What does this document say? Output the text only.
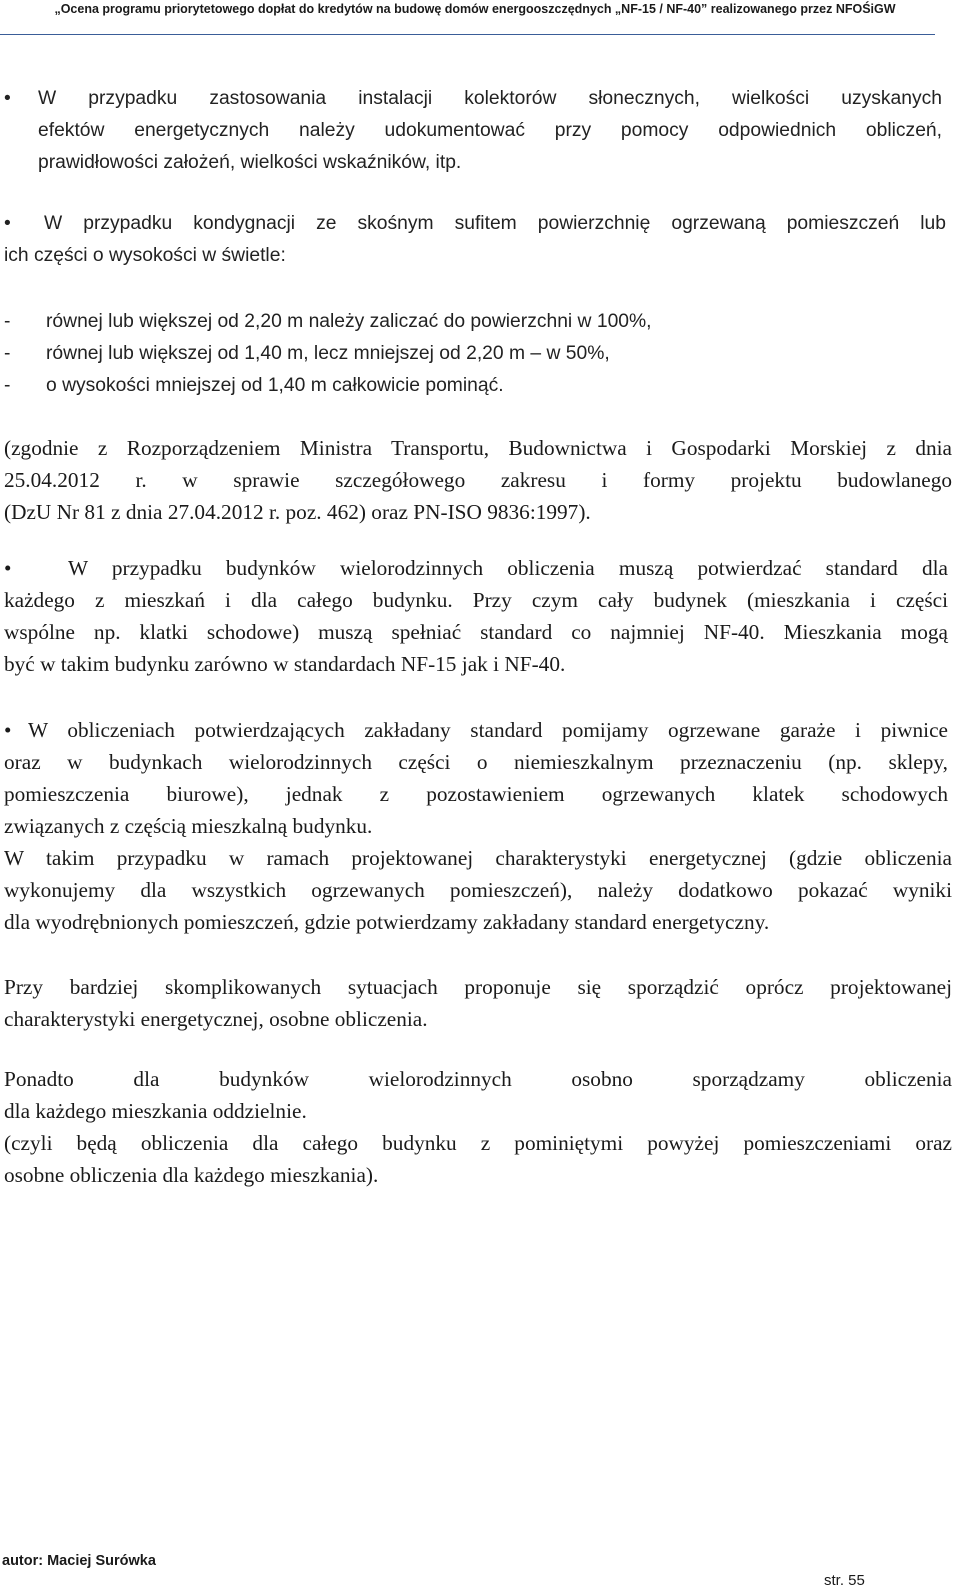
„Ocena programu priorytetowego dopłat do kredytów na budowę domów energooszczędnych „NF-15 / NF-40” realizowanego przez NFOŚiGW
• W przypadku zastosowania instalacji kolektorów słonecznych, wielkości uzyskanych
efektów energetycznych należy udokumentować przy pomocy odpowiednich obliczeń,
prawidłowości założeń, wielkości wskaźników, itp.
• W przypadku kondygnacji ze skośnym sufitem powierzchnię ogrzewaną pomieszczeń lub
ich części o wysokości w świetle:
- równej lub większej od 2,20 m należy zaliczać do powierzchni w 100%,
- równej lub większej od 1,40 m, lecz mniejszej od 2,20 m – w 50%,
- o wysokości mniejszej od 1,40 m całkowicie pominąć.
(zgodnie z Rozporządzeniem Ministra Transportu, Budownictwa i Gospodarki Morskiej z dnia
25.04.2012 r. w sprawie szczegółowego zakresu i formy projektu budowlanego
(DzU Nr 81 z dnia 27.04.2012 r. poz. 462) oraz PN-ISO 9836:1997).
•	W przypadku budynków wielorodzinnych obliczenia muszą potwierdzać standard dla
każdego z mieszkań i dla całego budynku. Przy czym cały budynek (mieszkania i części
wspólne np. klatki schodowe) muszą spełniać standard co najmniej NF-40. Mieszkania mogą
być w takim budynku zarówno w standardach NF-15 jak i NF-40.
• W obliczeniach potwierdzających zakładany standard pomijamy ogrzewane garaże i piwnice
oraz w budynkach wielorodzinnych części o niemieszkalnym przeznaczeniu (np. sklepy,
pomieszczenia biurowe), jednak z pozostawieniem ogrzewanych klatek schodowych
związanych z częścią mieszkalną budynku.
W takim przypadku w ramach projektowanej charakterystyki energetycznej (gdzie obliczenia
wykonujemy dla wszystkich ogrzewanych pomieszczeń), należy dodatkowo pokazać wyniki
dla wyodrębnionych pomieszczeń, gdzie potwierdzamy zakładany standard energetyczny.
Przy bardziej skomplikowanych sytuacjach proponuje się sporządzić oprócz projektowanej
charakterystyki energetycznej, osobne obliczenia.
Ponadto dla budynków wielorodzinnych osobno sporządzamy obliczenia
dla każdego mieszkania oddzielnie.
(czyli będą obliczenia dla całego budynku z pominiętymi powyżej pomieszczeniami oraz
osobne obliczenia dla każdego mieszkania).
autor: Maciej Surówka
str. 55
